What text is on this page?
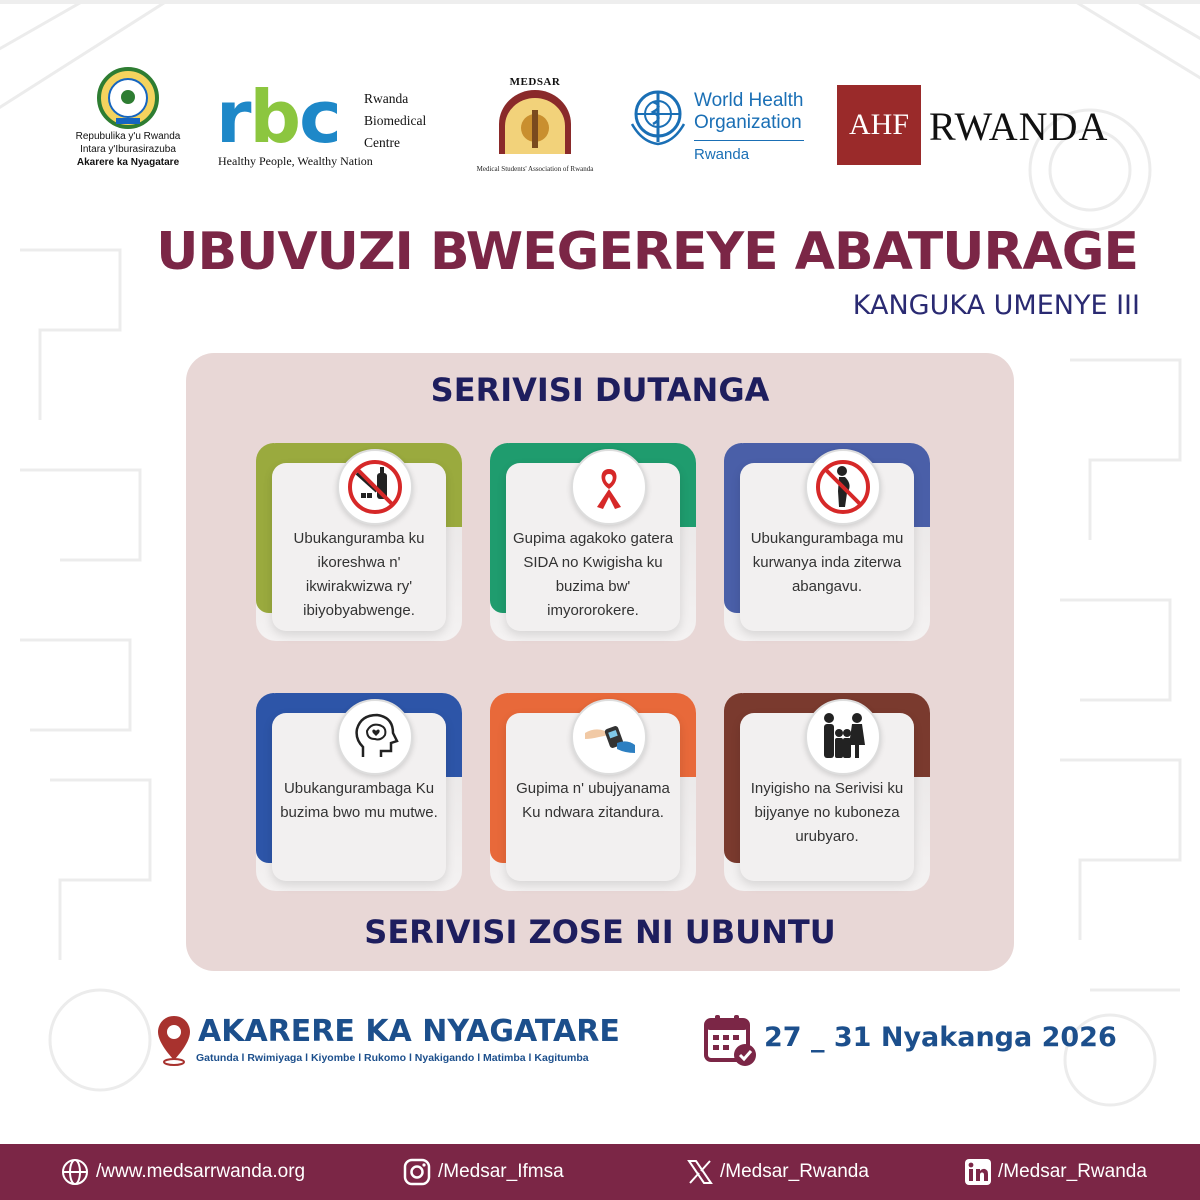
Repubulika y'u Rwanda
Intara y'Iburasirazuba
Akarere ka Nyagatare
r b c Rwanda
Biomedical
Centre
Healthy People, Wealthy Nation
MEDSAR
Medical Students' Association of Rwanda
World Health
Organization
Rwanda
AHF RWANDA
UBUVUZI BWEGEREYE ABATURAGE
KANGUKA UMENYE III
SERIVISI DUTANGA
Ubukanguramba ku ikoreshwa n' ikwirakwizwa ry' ibiyobyabwenge.
Gupima agakoko gatera SIDA no Kwigisha ku buzima bw' imyororokere.
Ubukangurambaga mu kurwanya inda ziterwa abangavu.
Ubukangurambaga Ku buzima bwo mu mutwe.
Gupima n' ubujyanama Ku ndwara zitandura.
Inyigisho na Serivisi ku bijyanye no kuboneza urubyaro.
SERIVISI ZOSE NI UBUNTU
AKARERE KA NYAGATARE
Gatunda l Rwimiyaga l Kiyombe l Rukomo l Nyakigando l Matimba l Kagitumba
27 _ 31 Nyakanga 2026
/www.medsarrwanda.org	/Medsar_Ifmsa	/Medsar_Rwanda	/Medsar_Rwanda
